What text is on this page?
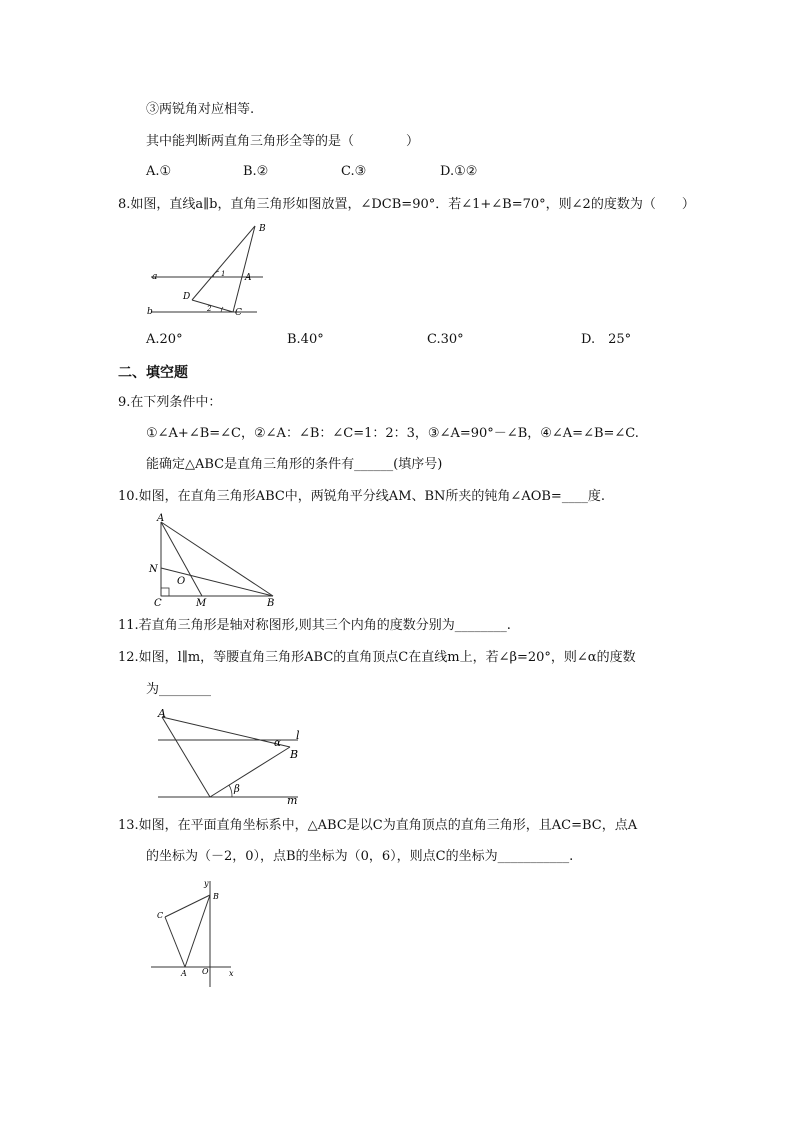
③两锐角对应相等.
其中能判断两直角三角形全等的是（　　　　）
A.①	B.②	C.③	D.①②
8.如图，直线a∥b，直角三角形如图放置，∠DCB=90°．若∠1+∠B=70°，则∠2的度数为（　　）
a
b
B
A
D
C
1
2
A.20°	B.40°	C.30°	D.　25°
二、填空题
9.在下列条件中：
①∠A+∠B=∠C，②∠A：∠B：∠C=1：2：3，③∠A=90°－∠B，④∠A=∠B=∠C.
能确定△ABC是直角三角形的条件有______(填序号)
10.如图，在直角三角形ABC中，两锐角平分线AM、BN所夹的钝角∠AOB=____度.
A
N
O
C	M	B
11.若直角三角形是轴对称图形,则其三个内角的度数分别为________.
12.如图，l∥m，等腰直角三角形ABC的直角顶点C在直线m上，若∠β=20°，则∠α的度数
为________
A
B
l
m
α
β
13.如图，在平面直角坐标系中，△ABC是以C为直角顶点的直角三角形，且AC=BC，点A
的坐标为（－2，0），点B的坐标为（0，6），则点C的坐标为___________.
y
x
B
C
A O
